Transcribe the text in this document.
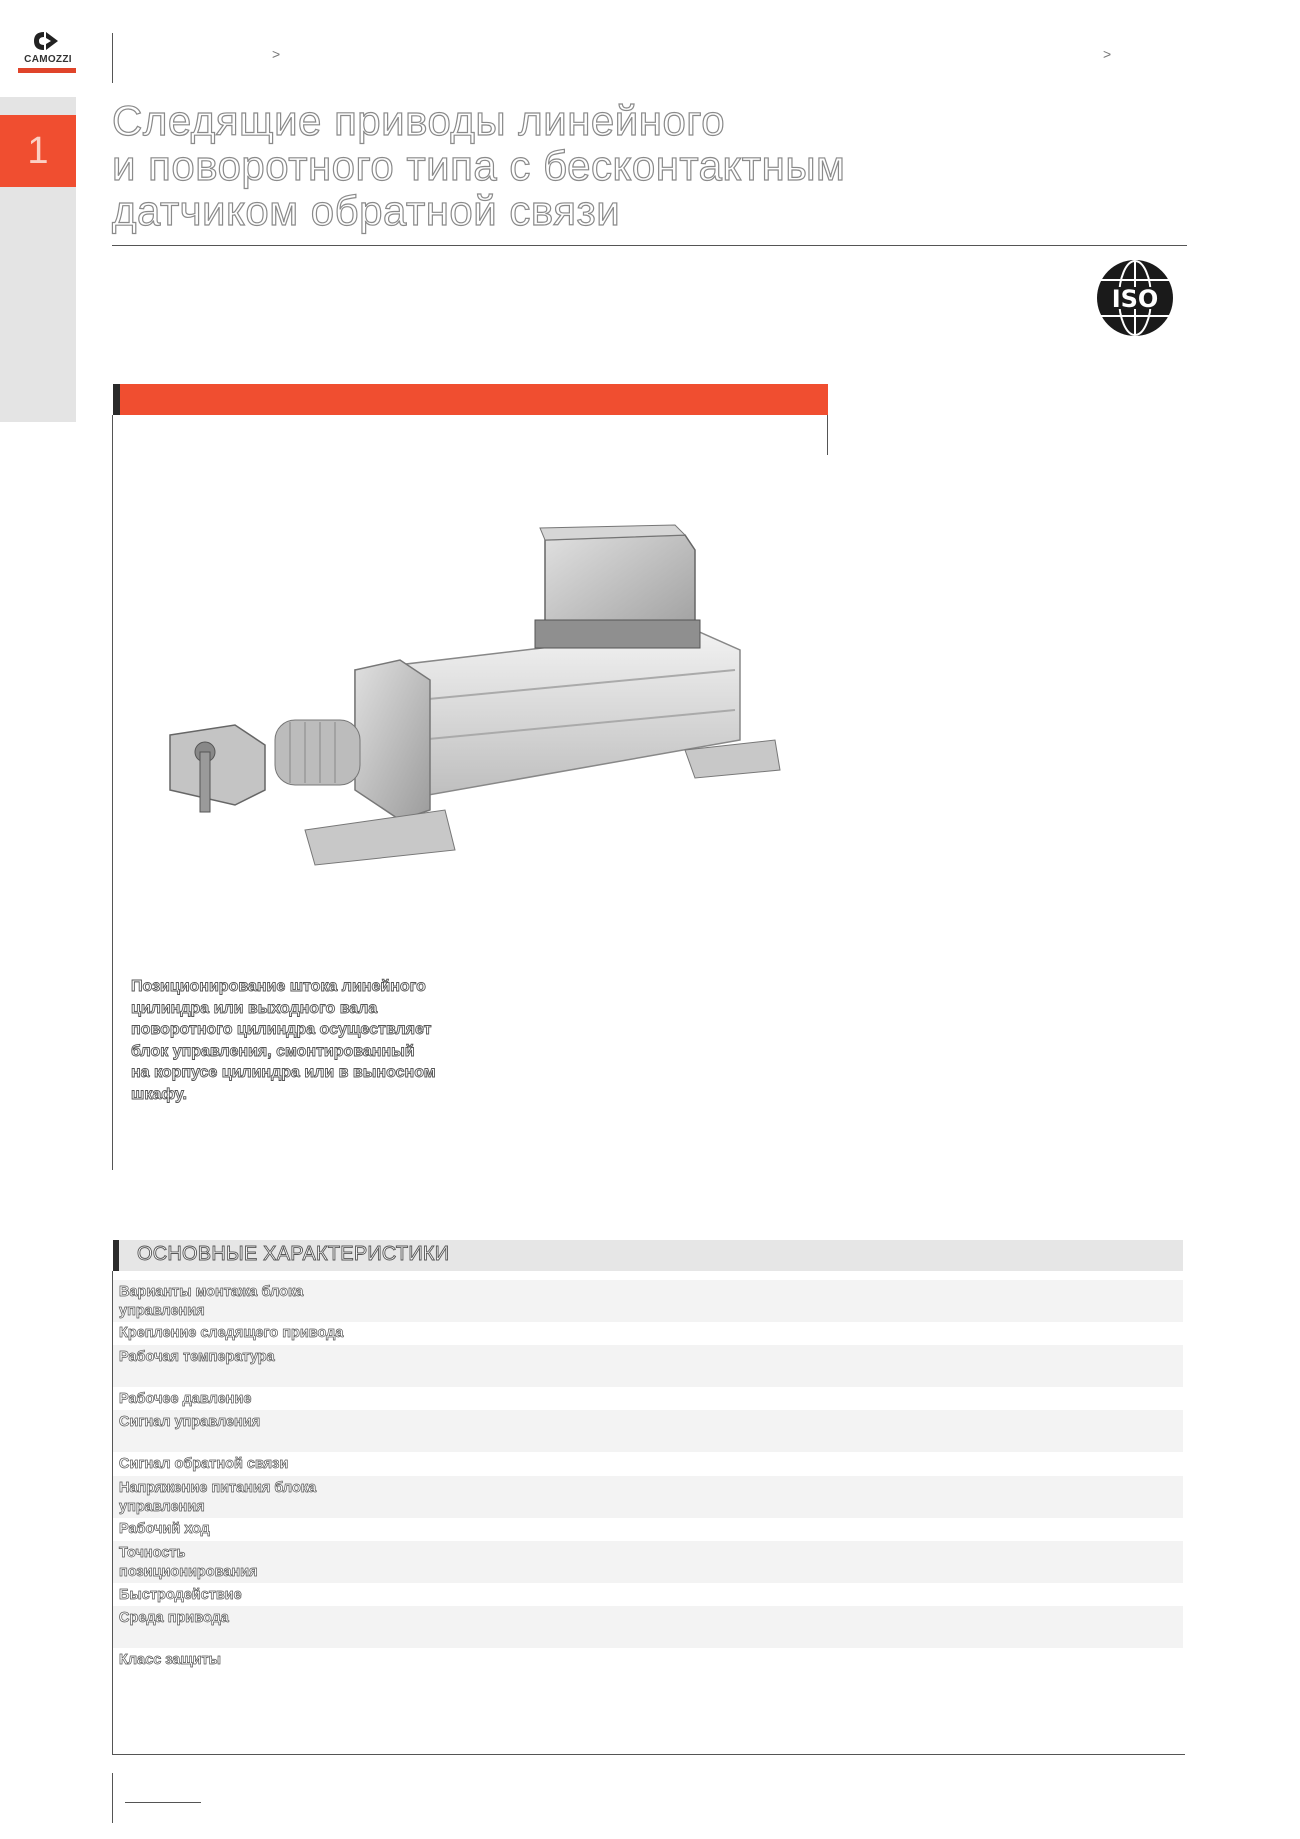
1
CAMOZZI	>	>
Следящие приводы линейного
и поворотного типа с бесконтактным
датчиком обратной связи
ISO
Позиционирование штока линейного
цилиндра или выходного вала
поворотного цилиндра осуществляет
блок управления, смонтированный
на корпусе цилиндра или в выносном
шкафу.
ОСНОВНЫЕ ХАРАКТЕРИСТИКИ
Варианты монтажа блока
управления
Крепление следящего привода
Рабочая температура
Рабочее давление
Сигнал управления
Сигнал обратной связи
Напряжение питания блока
управления
Рабочий ход
Точность
позиционирования
Быстродействие
Среда привода
Класс защиты
